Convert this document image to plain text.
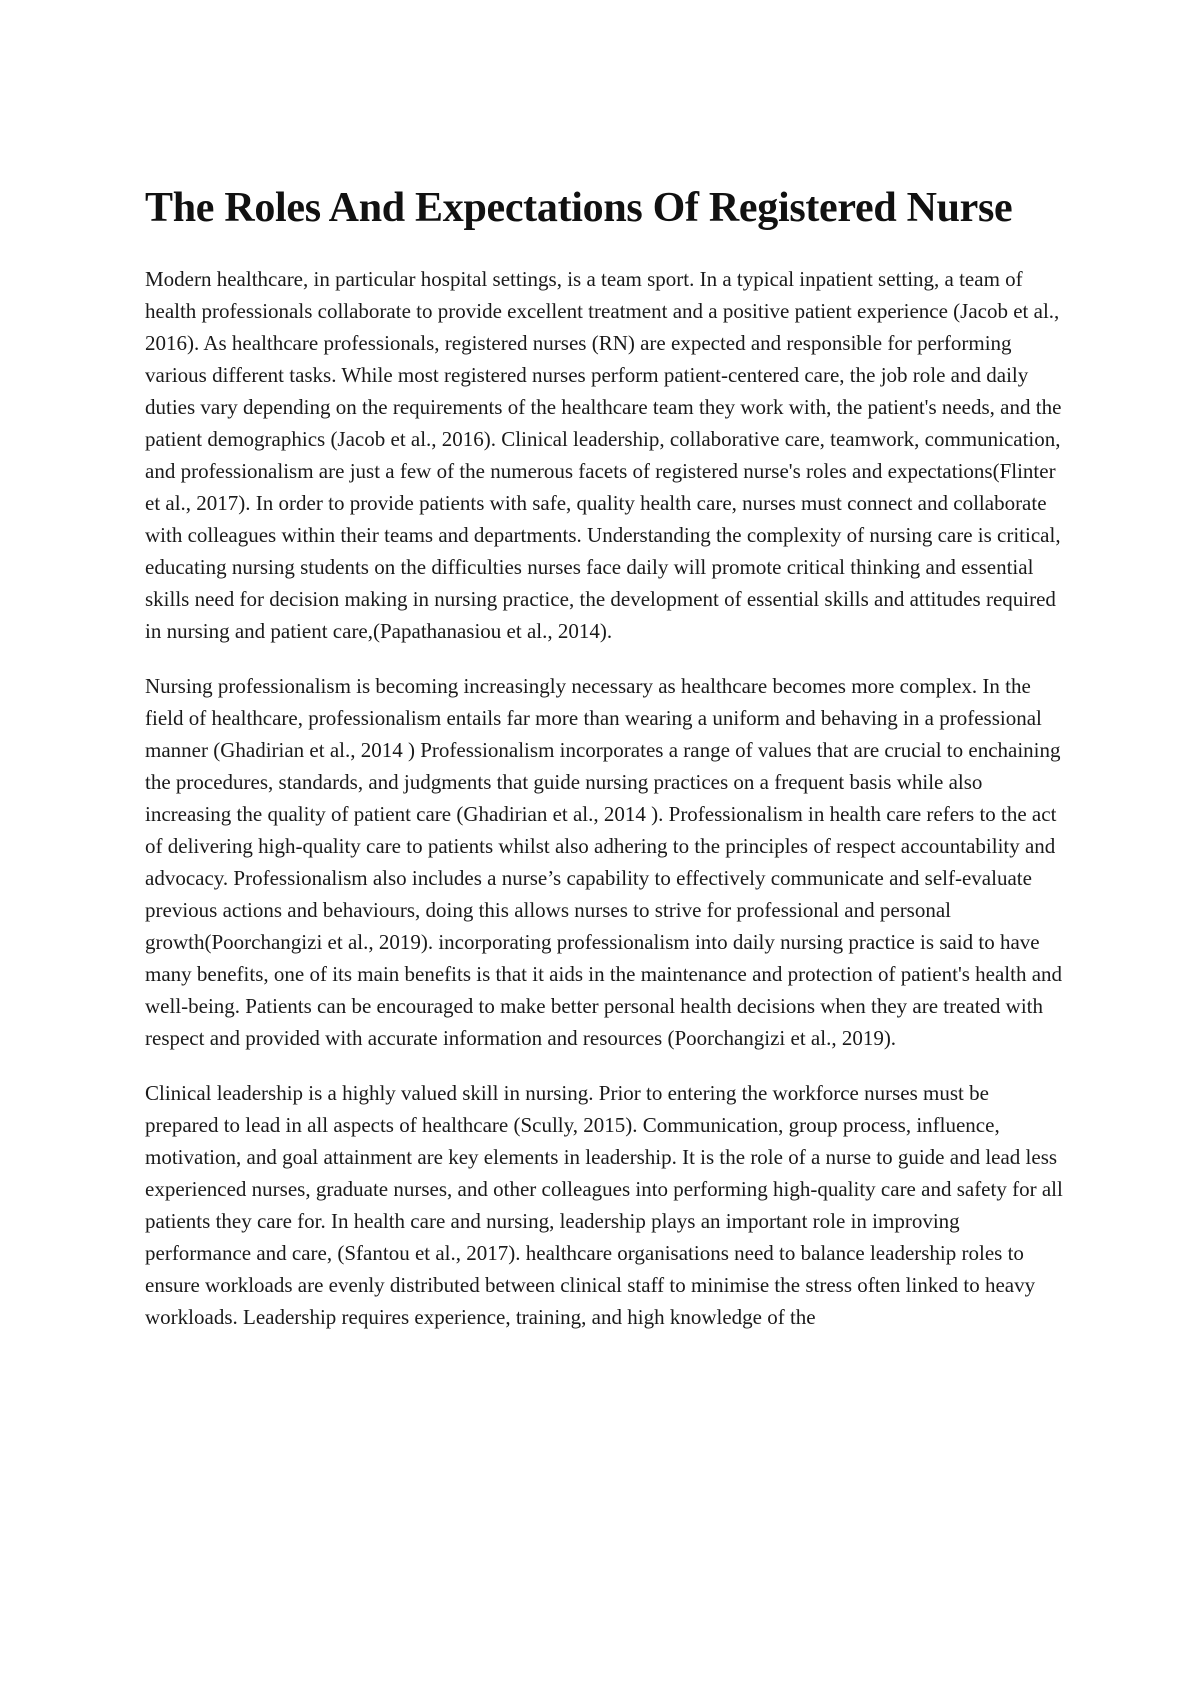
The Roles And Expectations Of Registered Nurse

Modern healthcare, in particular hospital settings, is a team sport. In a typical inpatient setting, a team of health professionals collaborate to provide excellent treatment and a positive patient experience (Jacob et al., 2016). As healthcare professionals, registered nurses (RN) are expected and responsible for performing various different tasks. While most registered nurses perform patient-centered care, the job role and daily duties vary depending on the requirements of the healthcare team they work with, the patient's needs, and the patient demographics (Jacob et al., 2016). Clinical leadership, collaborative care, teamwork, communication, and professionalism are just a few of the numerous facets of registered nurse's roles and expectations(Flinter et al., 2017). In order to provide patients with safe, quality health care, nurses must connect and collaborate with colleagues within their teams and departments. Understanding the complexity of nursing care is critical, educating nursing students on the difficulties nurses face daily will promote critical thinking and essential skills need for decision making in nursing practice, the development of essential skills and attitudes required in nursing and patient care,(Papathanasiou et al., 2014).

Nursing professionalism is becoming increasingly necessary as healthcare becomes more complex. In the field of healthcare, professionalism entails far more than wearing a uniform and behaving in a professional manner (Ghadirian et al., 2014 ) Professionalism incorporates a range of values that are crucial to enchaining the procedures, standards, and judgments that guide nursing practices on a frequent basis while also increasing the quality of patient care (Ghadirian et al., 2014 ). Professionalism in health care refers to the act of delivering high-quality care to patients whilst also adhering to the principles of respect accountability and advocacy. Professionalism also includes a nurse’s capability to effectively communicate and self-evaluate previous actions and behaviours, doing this allows nurses to strive for professional and personal growth(Poorchangizi et al., 2019). incorporating professionalism into daily nursing practice is said to have many benefits, one of its main benefits is that it aids in the maintenance and protection of patient's health and well-being. Patients can be encouraged to make better personal health decisions when they are treated with respect and provided with accurate information and resources (Poorchangizi et al., 2019).

Clinical leadership is a highly valued skill in nursing. Prior to entering the workforce nurses must be prepared to lead in all aspects of healthcare (Scully, 2015). Communication, group process, influence, motivation, and goal attainment are key elements in leadership. It is the role of a nurse to guide and lead less experienced nurses, graduate nurses, and other colleagues into performing high-quality care and safety for all patients they care for. In health care and nursing, leadership plays an important role in improving performance and care, (Sfantou et al., 2017). healthcare organisations need to balance leadership roles to ensure workloads are evenly distributed between clinical staff to minimise the stress often linked to heavy workloads. Leadership requires experience, training, and high knowledge of the
